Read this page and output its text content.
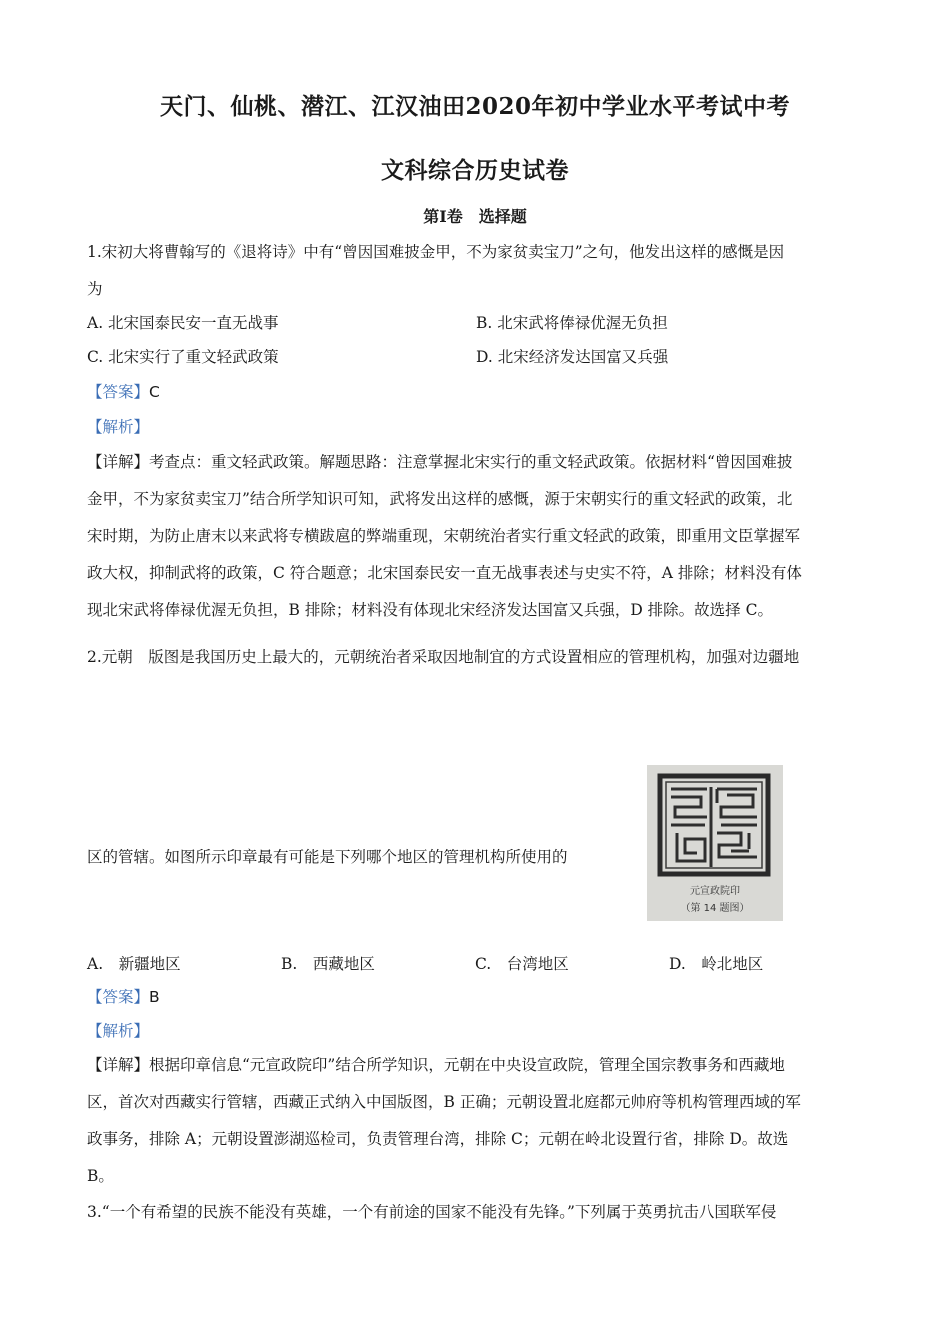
天门、仙桃、潜江、江汉油田2020年初中学业水平考试中考
文科综合历史试卷
第Ⅰ卷　选择题
1.宋初大将曹翰写的《退将诗》中有“曾因国难披金甲，不为家贫卖宝刀”之句，他发出这样的感慨是因
为
A. 北宋国泰民安一直无战事	B. 北宋武将俸禄优渥无负担
C. 北宋实行了重文轻武政策	D. 北宋经济发达国富又兵强
【答案】C
【解析】
【详解】考查点：重文轻武政策。解题思路：注意掌握北宋实行的重文轻武政策。依据材料“曾因国难披
金甲，不为家贫卖宝刀”结合所学知识可知，武将发出这样的感慨，源于宋朝实行的重文轻武的政策，北
宋时期，为防止唐末以来武将专横跋扈的弊端重现，宋朝统治者实行重文轻武的政策，即重用文臣掌握军
政大权，抑制武将的政策，C 符合题意；北宋国泰民安一直无战事表述与史实不符，A 排除；材料没有体
现北宋武将俸禄优渥无负担，B 排除；材料没有体现北宋经济发达国富又兵强，D 排除。故选择 C。
2.元朝　版图是我国历史上最大的，元朝统治者采取因地制宜的方式设置相应的管理机构，加强对边疆地
区的管辖。如图所示印章最有可能是下列哪个地区的管理机构所使用的
元宣政院印
（第 14 题图）
A.　新疆地区	B.　西藏地区	C.　台湾地区	D.　岭北地区
【答案】B
【解析】
【详解】根据印章信息“元宣政院印”结合所学知识，元朝在中央设宣政院，管理全国宗教事务和西藏地
区，首次对西藏实行管辖，西藏正式纳入中国版图，B 正确；元朝设置北庭都元帅府等机构管理西域的军
政事务，排除 A；元朝设置澎湖巡检司，负责管理台湾，排除 C；元朝在岭北设置行省，排除 D。故选
B。
3.“一个有希望的民族不能没有英雄，一个有前途的国家不能没有先锋。”下列属于英勇抗击八国联军侵
